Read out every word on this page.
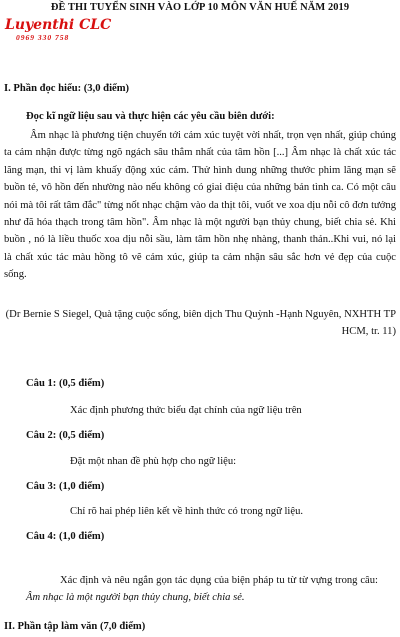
ĐỀ THI TUYỂN SINH VÀO LỚP 10 MÔN VĂN HUẾ NĂM 2019
Luyenthi CLC
0969 330 758
I. Phần đọc hiểu: (3,0 điểm)
Đọc kĩ ngữ liệu sau và thực hiện các yêu cầu biên dưới:

Âm nhạc là phương tiện chuyển tới cảm xúc tuyệt vời nhất, trọn vẹn nhất, giúp chúng ta cảm nhận được từng ngõ ngách sâu thẳm nhất của tâm hồn [...] Âm nhạc là chất xúc tác lãng mạn, thi vị làm khuấy động xúc cảm. Thử hình dung những thước phim lãng mạn sẽ buồn tẻ, vô hồn đến nhường nào nếu không có giai điệu của những bản tình ca. Có một câu nói mà tôi rất tâm đắc" từng nốt nhạc chậm vào da thịt tôi, vuốt ve xoa dịu nỗi cô đơn tưởng như đã hóa thạch trong tâm hồn". Âm nhạc là một người bạn thủy chung, biết chia sẻ. Khi buồn , nó là liều thuốc xoa dịu nỗi sầu, làm tâm hồn nhẹ nhàng, thanh thản..Khi vui, nó lại là chất xúc tác màu hồng tô vẽ cảm xúc, giúp ta cảm nhận sâu sắc hơn vẻ đẹp của cuộc sống.

(Dr Bernie S Siegel, Quà tặng cuộc sống, biên dịch Thu Quỳnh -Hạnh Nguyên, NXHTH TP HCM, tr. 11)
Câu 1: (0,5 điểm)
Xác định phương thức biểu đạt chính của ngữ liệu trên
Câu 2: (0,5 điểm)
Đặt một nhan đề phù hợp cho ngữ liệu:
Câu 3: (1,0 điểm)
Chỉ rõ hai phép liên kết về hình thức có trong ngữ liệu.
Câu 4: (1,0 điểm)

Xác định và nêu ngắn gọn tác dụng của biện pháp tu từ từ vựng trong câu: Âm nhạc là một người bạn thủy chung, biết chia sẻ.

II. Phần tập làm văn (7,0 điểm)
